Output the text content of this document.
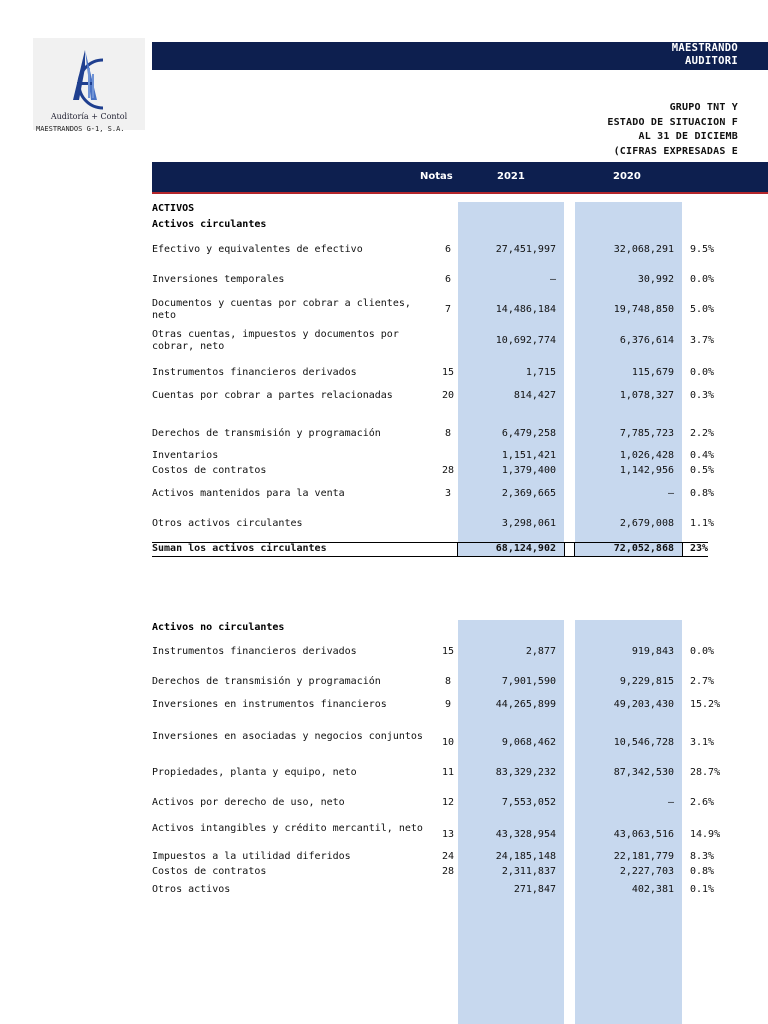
Auditoría + Contol
MAESTRANDOS G-1, S.A.
MAESTRANDO
AUDITORI
GRUPO TNT Y
ESTADO DE SITUACION F
AL 31 DE DICIEMB
(CIFRAS EXPRESADAS E
Notas	2021	2020
ACTIVOS
Activos circulantes
Activos no circulantes
Efectivo y equivalentes de efectivo	6	27,451,997	32,068,291 9.5%
Inversiones temporales	6	–	30,992 0.0%
Documentos y cuentas por cobrar a clientes, neto
7	14,486,184	19,748,850 5.0%
Otras cuentas, impuestos y documentos por cobrar, neto
10,692,774	6,376,614 3.7%
Instrumentos financieros derivados	15	1,715	115,679 0.0%
Cuentas por cobrar a partes relacionadas	20	814,427	1,078,327 0.3%
Derechos de transmisión y programación	8	6,479,258	7,785,723 2.2%
Inventarios	1,151,421	1,026,428 0.4%
Costos de contratos	28	1,379,400	1,142,956 0.5%
Activos mantenidos para la venta	3	2,369,665	– 0.8%
Otros activos circulantes	3,298,061	2,679,008 1.1%
Suman los activos circulantes	68,124,902	72,052,868 23%
Instrumentos financieros derivados	15	2,877	919,843 0.0%
Derechos de transmisión y programación	8	7,901,590	9,229,815 2.7%
Inversiones en instrumentos financieros	9	44,265,899	49,203,430 15.2%
Inversiones en asociadas y negocios conjuntos
10	9,068,462	10,546,728 3.1%
Propiedades, planta y equipo, neto	11	83,329,232	87,342,530 28.7%
Activos por derecho de uso, neto	12	7,553,052	– 2.6%
Activos intangibles y crédito mercantil, neto
13	43,328,954	43,063,516 14.9%
Impuestos a la utilidad diferidos	24	24,185,148	22,181,779 8.3%
Costos de contratos	28	2,311,837	2,227,703 0.8%
Otros activos	271,847	402,381 0.1%
